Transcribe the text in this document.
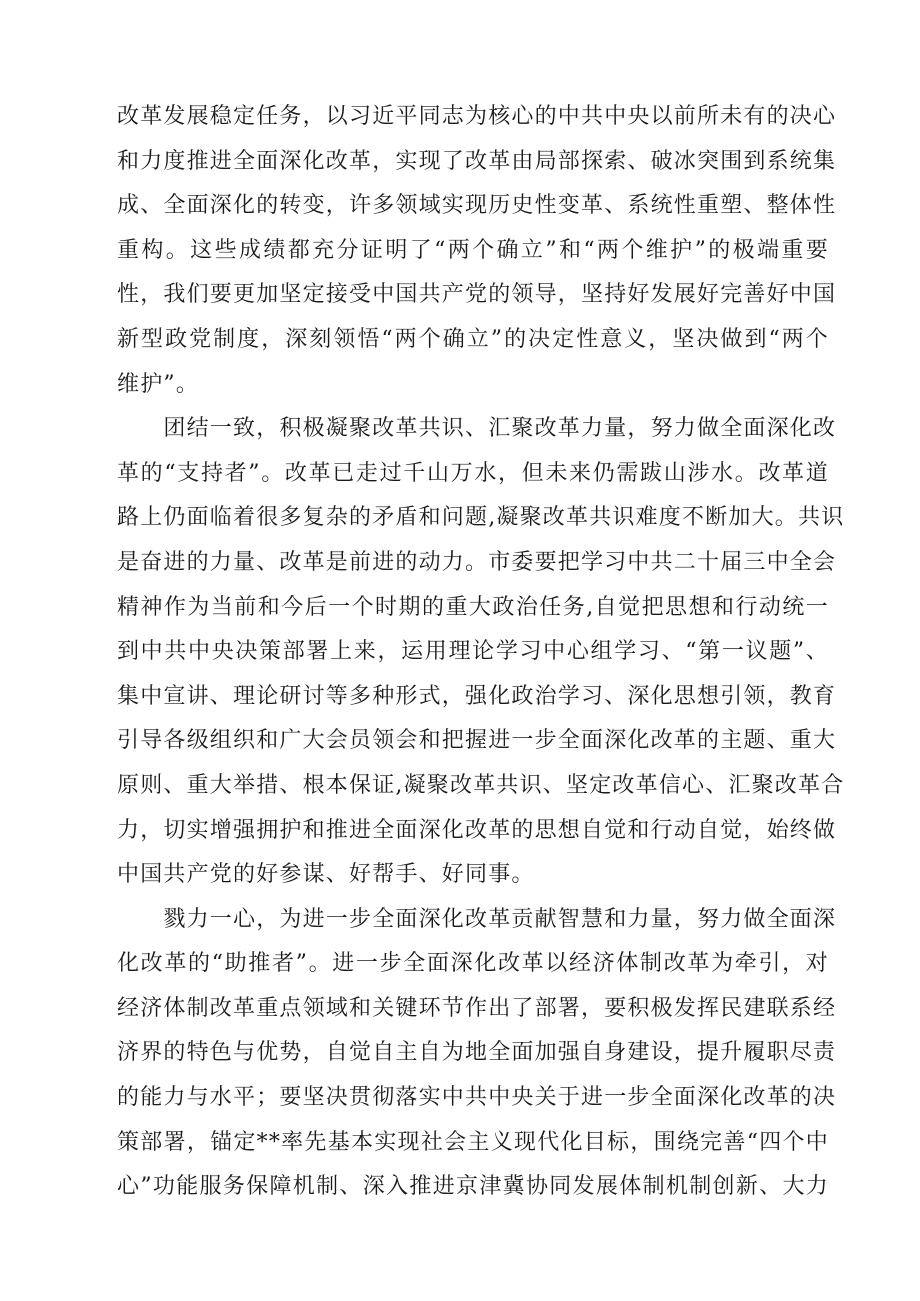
改革发展稳定任务，以习近平同志为核心的中共中央以前所未有的决心
和力度推进全面深化改革，实现了改革由局部探索、破冰突围到系统集
成、全面深化的转变，许多领域实现历史性变革、系统性重塑、整体性
重构。这些成绩都充分证明了“两个确立”和“两个维护”的极端重要
性，我们要更加坚定接受中国共产党的领导，坚持好发展好完善好中国
新型政党制度，深刻领悟“两个确立”的决定性意义，坚决做到“两个
维护”。
　　团结一致，积极凝聚改革共识、汇聚改革力量，努力做全面深化改
革的“支持者”。改革已走过千山万水，但未来仍需跋山涉水。改革道
路上仍面临着很多复杂的矛盾和问题,凝聚改革共识难度不断加大。共识
是奋进的力量、改革是前进的动力。市委要把学习中共二十届三中全会
精神作为当前和今后一个时期的重大政治任务,自觉把思想和行动统一
到中共中央决策部署上来，运用理论学习中心组学习、“第一议题”、
集中宣讲、理论研讨等多种形式，强化政治学习、深化思想引领，教育
引导各级组织和广大会员领会和把握进一步全面深化改革的主题、重大
原则、重大举措、根本保证,凝聚改革共识、坚定改革信心、汇聚改革合
力，切实增强拥护和推进全面深化改革的思想自觉和行动自觉，始终做
中国共产党的好参谋、好帮手、好同事。
　　戮力一心，为进一步全面深化改革贡献智慧和力量，努力做全面深
化改革的“助推者”。进一步全面深化改革以经济体制改革为牵引，对
经济体制改革重点领域和关键环节作出了部署，要积极发挥民建联系经
济界的特色与优势，自觉自主自为地全面加强自身建设，提升履职尽责
的能力与水平；要坚决贯彻落实中共中央关于进一步全面深化改革的决
策部署，锚定**率先基本实现社会主义现代化目标，围绕完善“四个中
心”功能服务保障机制、深入推进京津冀协同发展体制机制创新、大力
